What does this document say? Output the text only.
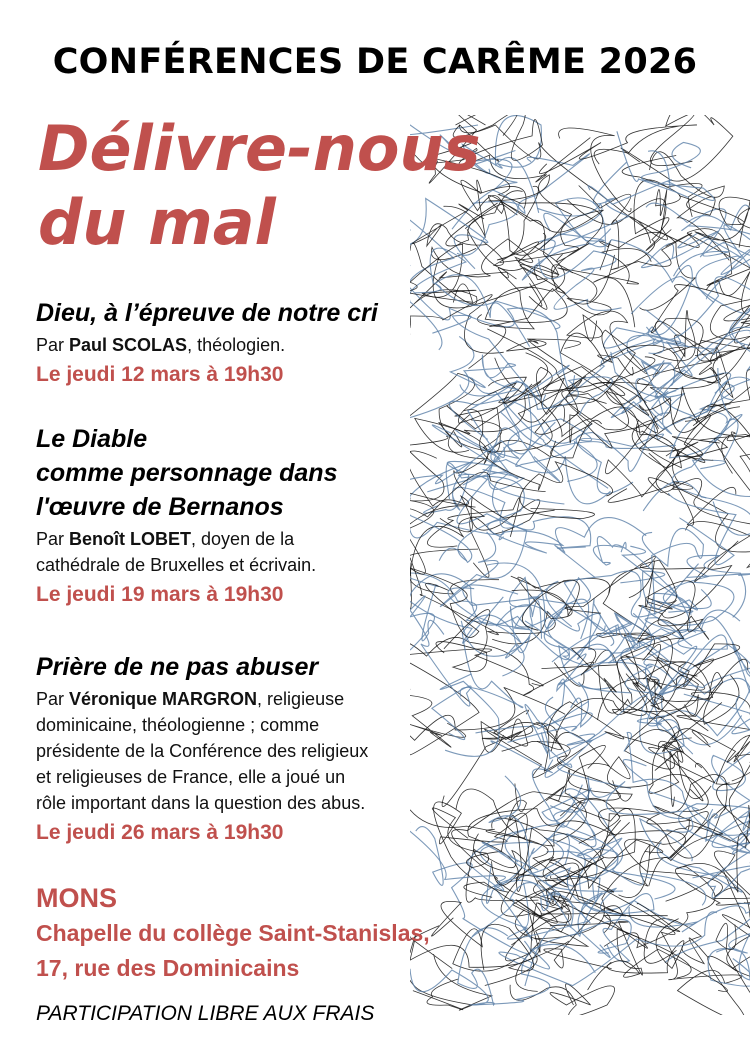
CONFÉRENCES DE CARÊME 2026
Délivre-nous
du mal
Dieu, à l’épreuve de notre cri
Par Paul SCOLAS, théologien.
Le jeudi 12 mars à 19h30
Le Diable
comme personnage dans
l'œuvre de Bernanos
Par Benoît LOBET, doyen de la
cathédrale de Bruxelles et écrivain.
Le jeudi 19 mars à 19h30
Prière de ne pas abuser
Par Véronique MARGRON, religieuse
dominicaine, théologienne ; comme
présidente de la Conférence des religieux
et religieuses de France, elle a joué un
rôle important dans la question des abus.
Le jeudi 26 mars à 19h30
MONS
Chapelle du collège Saint-Stanislas,
17, rue des Dominicains
PARTICIPATION LIBRE AUX FRAIS
